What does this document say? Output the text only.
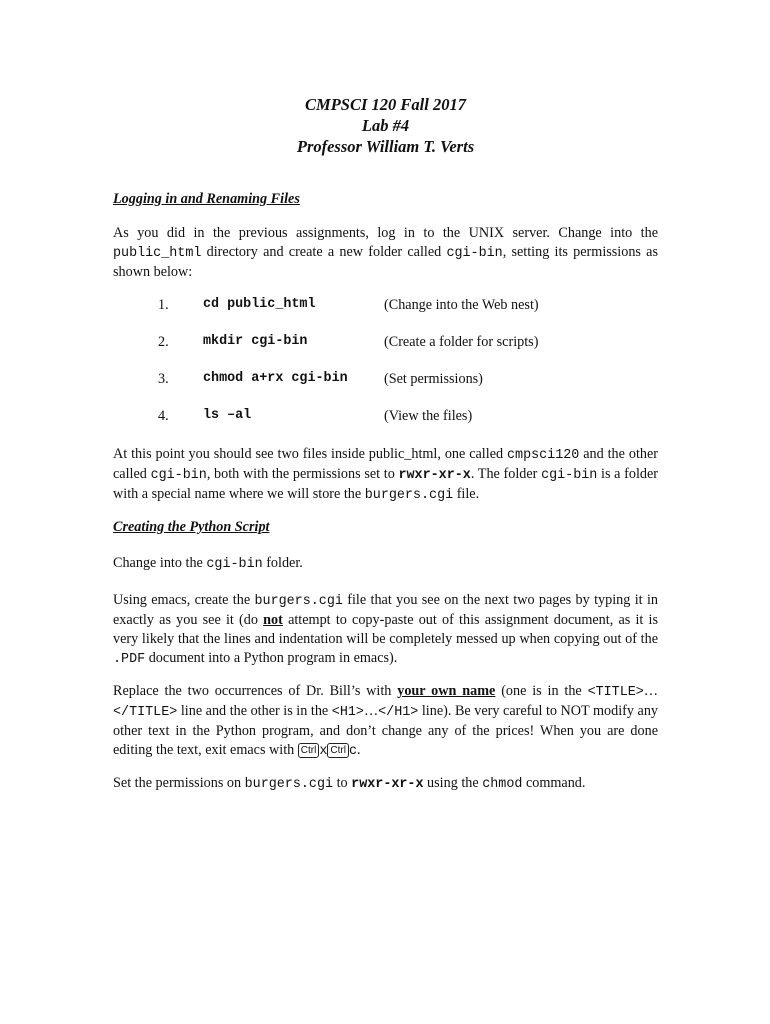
CMPSCI 120 Fall 2017
Lab #4
Professor William T. Verts

Logging in and Renaming Files

As you did in the previous assignments, log in to the UNIX server. Change into the public_html directory and create a new folder called cgi-bin, setting its permissions as shown below:

1.	cd public_html	(Change into the Web nest)
2.	mkdir cgi-bin	(Create a folder for scripts)
3.	chmod a+rx cgi-bin	(Set permissions)
4.	ls –al	(View the files)

At this point you should see two files inside public_html, one called cmpsci120 and the other called cgi-bin, both with the permissions set to rwxr-xr-x. The folder cgi-bin is a folder with a special name where we will store the burgers.cgi file.

Creating the Python Script

Change into the cgi-bin folder.

Using emacs, create the burgers.cgi file that you see on the next two pages by typing it in exactly as you see it (do not attempt to copy-paste out of this assignment document, as it is very likely that the lines and indentation will be completely messed up when copying out of the .PDF document into a Python program in emacs).

Replace the two occurrences of Dr. Bill’s with your own name (one is in the <TITLE>…</TITLE> line and the other is in the <H1>…</H1> line). Be very careful to NOT modify any other text in the Python program, and don’t change any of the prices! When you are done editing the text, exit emacs with Ctrl x Ctrl c.

Set the permissions on burgers.cgi to rwxr-xr-x using the chmod command.
